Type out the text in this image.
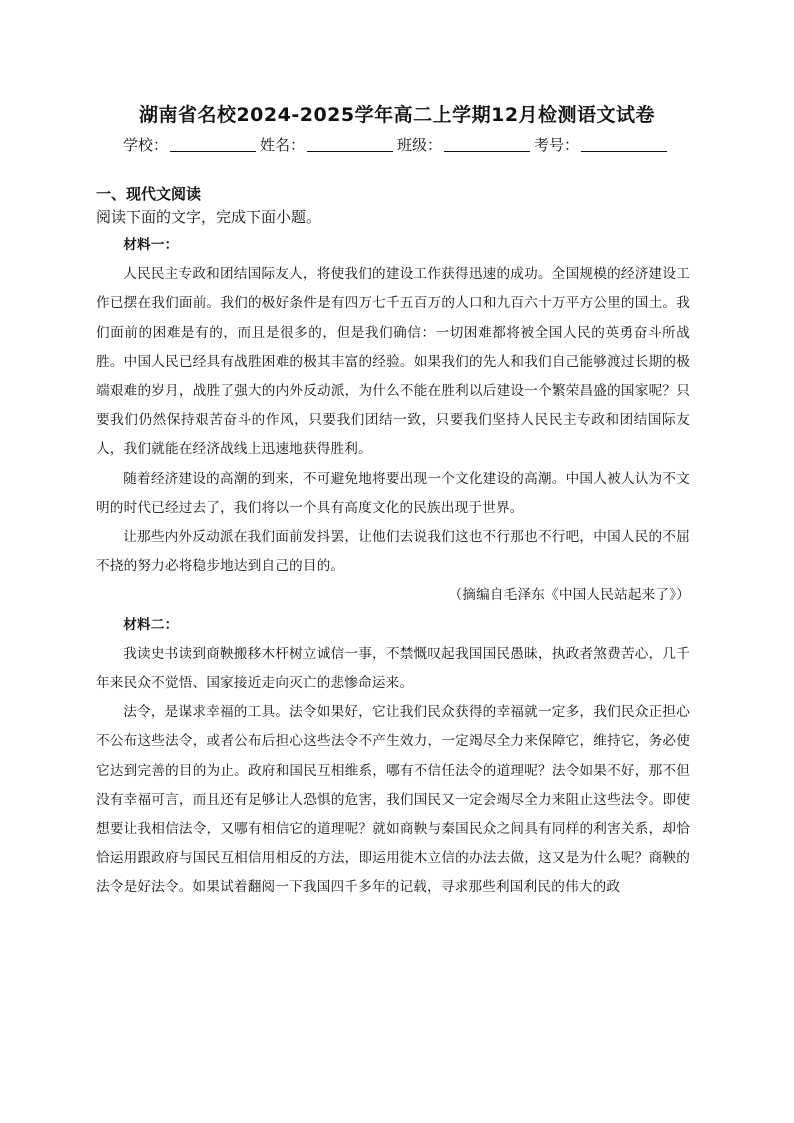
湖南省名校2024-2025学年高二上学期12月检测语文试卷
学校：	姓名：	班级：	考号：
一、现代文阅读
阅读下面的文字，完成下面小题。

材料一：

人民民主专政和团结国际友人，将使我们的建设工作获得迅速的成功。全国规模的经济建设工作已摆在我们面前。我们的极好条件是有四万七千五百万的人口和九百六十万平方公里的国土。我们面前的困难是有的，而且是很多的，但是我们确信：一切困难都将被全国人民的英勇奋斗所战胜。中国人民已经具有战胜困难的极其丰富的经验。如果我们的先人和我们自己能够渡过长期的极端艰难的岁月，战胜了强大的内外反动派，为什么不能在胜利以后建设一个繁荣昌盛的国家呢？只要我们仍然保持艰苦奋斗的作风，只要我们团结一致，只要我们坚持人民民主专政和团结国际友人，我们就能在经济战线上迅速地获得胜利。

随着经济建设的高潮的到来，不可避免地将要出现一个文化建设的高潮。中国人被人认为不文明的时代已经过去了，我们将以一个具有高度文化的民族出现于世界。

让那些内外反动派在我们面前发抖罢，让他们去说我们这也不行那也不行吧，中国人民的不屈不挠的努力必将稳步地达到自己的目的。

（摘编自毛泽东《中国人民站起来了》）

材料二：

我读史书读到商鞅搬移木杆树立诚信一事，不禁慨叹起我国国民愚昧，执政者煞费苦心，几千年来民众不觉悟、国家接近走向灭亡的悲惨命运来。

法令，是谋求幸福的工具。法令如果好，它让我们民众获得的幸福就一定多，我们民众正担心不公布这些法令，或者公布后担心这些法令不产生效力，一定竭尽全力来保障它，维持它，务必使它达到完善的目的为止。政府和国民互相维系，哪有不信任法令的道理呢？法令如果不好，那不但没有幸福可言，而且还有足够让人恐惧的危害，我们国民又一定会竭尽全力来阻止这些法令。即使想要让我相信法令，又哪有相信它的道理呢？就如商鞅与秦国民众之间具有同样的利害关系，却恰恰运用跟政府与国民互相信用相反的方法，即运用徙木立信的办法去做，这又是为什么呢？商鞅的法令是好法令。如果试着翻阅一下我国四千多年的记载，寻求那些利国利民的伟大的政
